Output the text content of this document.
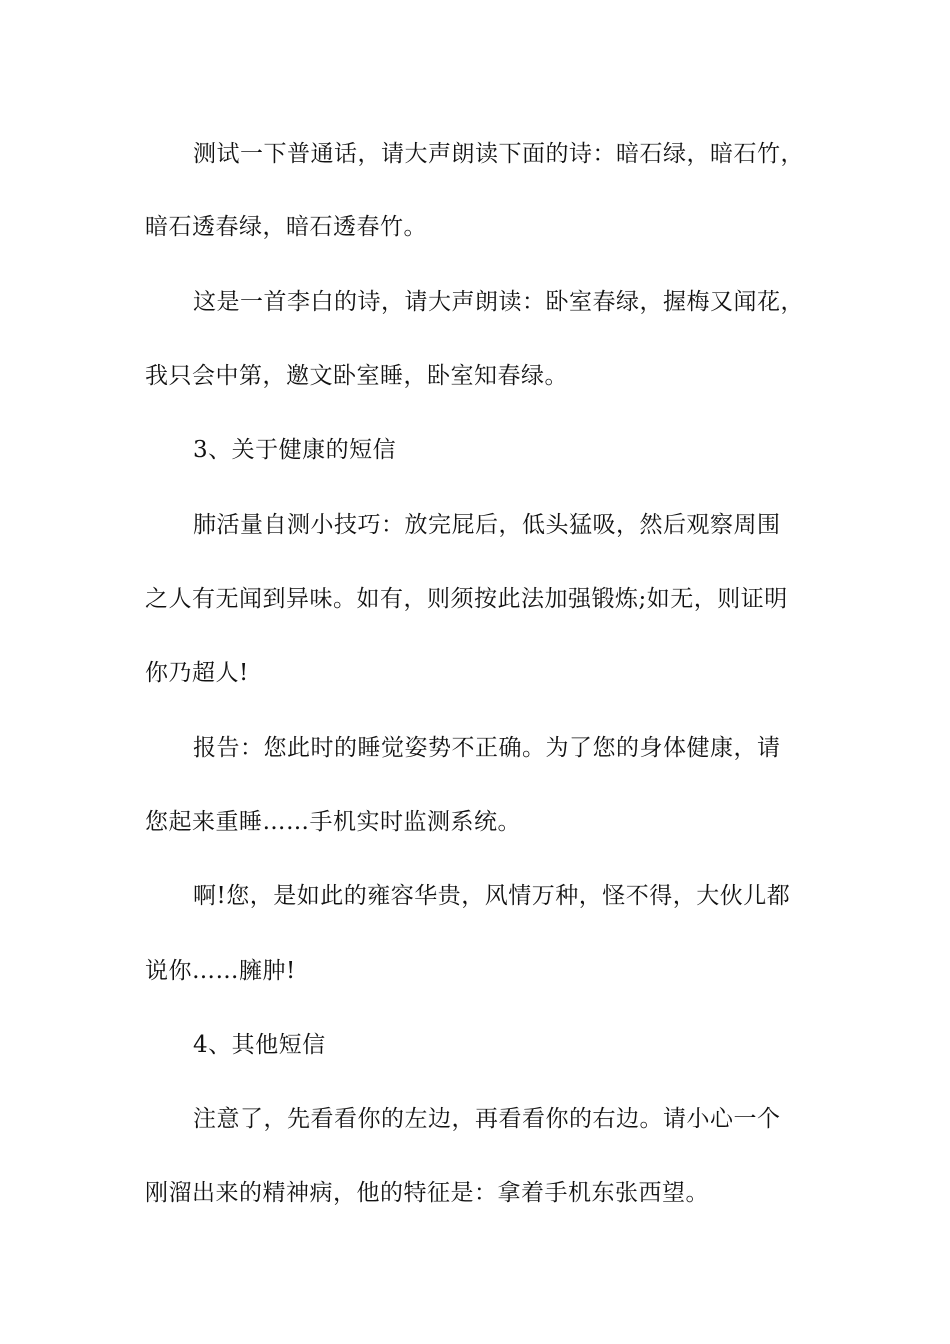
测试一下普通话，请大声朗读下面的诗：暗石绿，暗石竹，
暗石透春绿，暗石透春竹。
这是一首李白的诗，请大声朗读：卧室春绿，握梅又闻花，
我只会中第，邀文卧室睡，卧室知春绿。
3、关于健康的短信
肺活量自测小技巧：放完屁后，低头猛吸，然后观察周围
之人有无闻到异味。如有，则须按此法加强锻炼;如无，则证明
你乃超人!
报告：您此时的睡觉姿势不正确。为了您的身体健康，请
您起来重睡……手机实时监测系统。
啊!您，是如此的雍容华贵，风情万种，怪不得，大伙儿都
说你……臃肿!
4、其他短信
注意了，先看看你的左边，再看看你的右边。请小心一个
刚溜出来的精神病，他的特征是：拿着手机东张西望。
